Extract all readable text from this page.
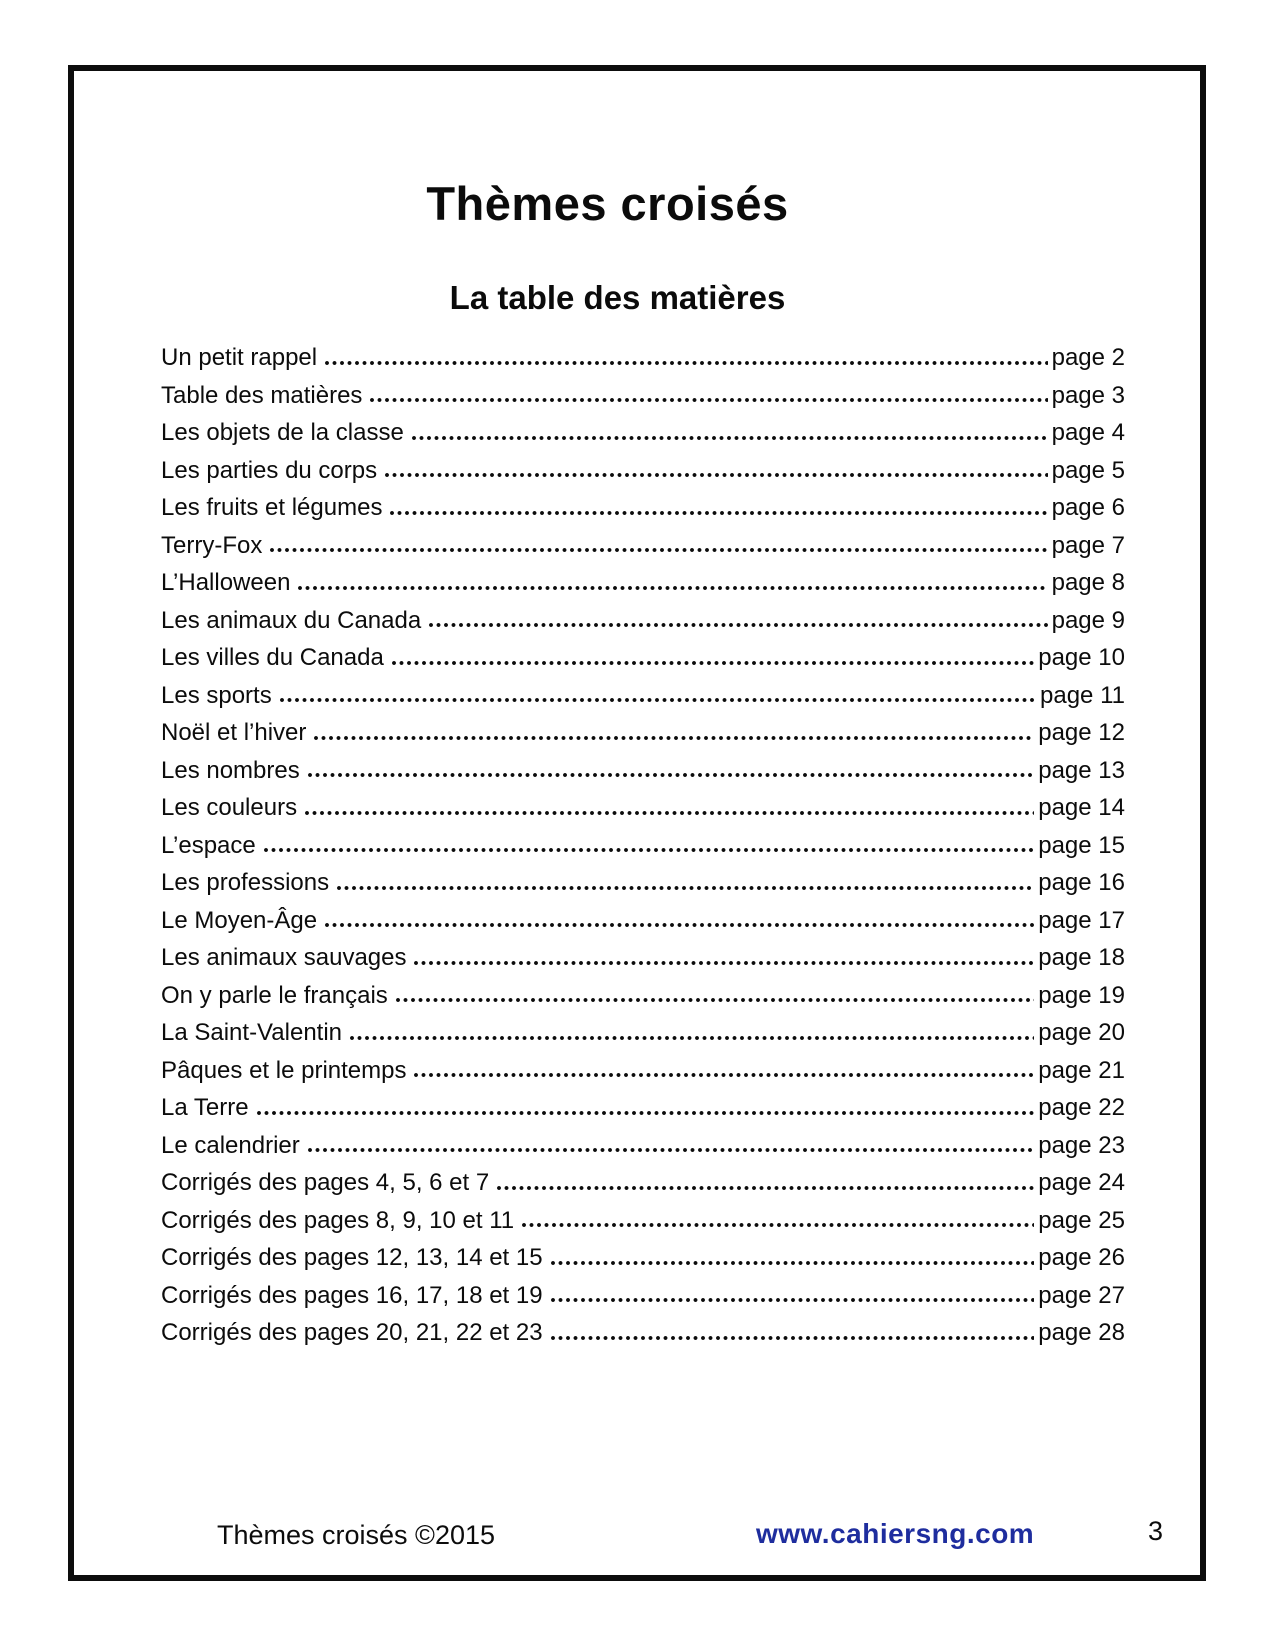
Thèmes croisés
La table des matières
Un petit rappel	page 2
Table des matières	page 3
Les objets de la classe	page 4
Les parties du corps	page 5
Les fruits et légumes	page 6
Terry-Fox	page 7
L’Halloween	page 8
Les animaux du Canada	page 9
Les villes du Canada	page 10
Les sports	page 11
Noël et l’hiver	page 12
Les nombres	page 13
Les couleurs	page 14
L’espace	page 15
Les professions	page 16
Le Moyen-Âge	page 17
Les animaux sauvages	page 18
On y parle le français	page 19
La Saint-Valentin	page 20
Pâques et le printemps	page 21
La Terre	page 22
Le calendrier	page 23
Corrigés des pages 4, 5, 6 et 7	page 24
Corrigés des pages 8, 9, 10 et 11	page 25
Corrigés des pages 12, 13, 14 et 15	page 26
Corrigés des pages 16, 17, 18 et 19	page 27
Corrigés des pages 20, 21, 22 et 23	page 28
Thèmes croisés ©2015	www.cahiersng.com	3
